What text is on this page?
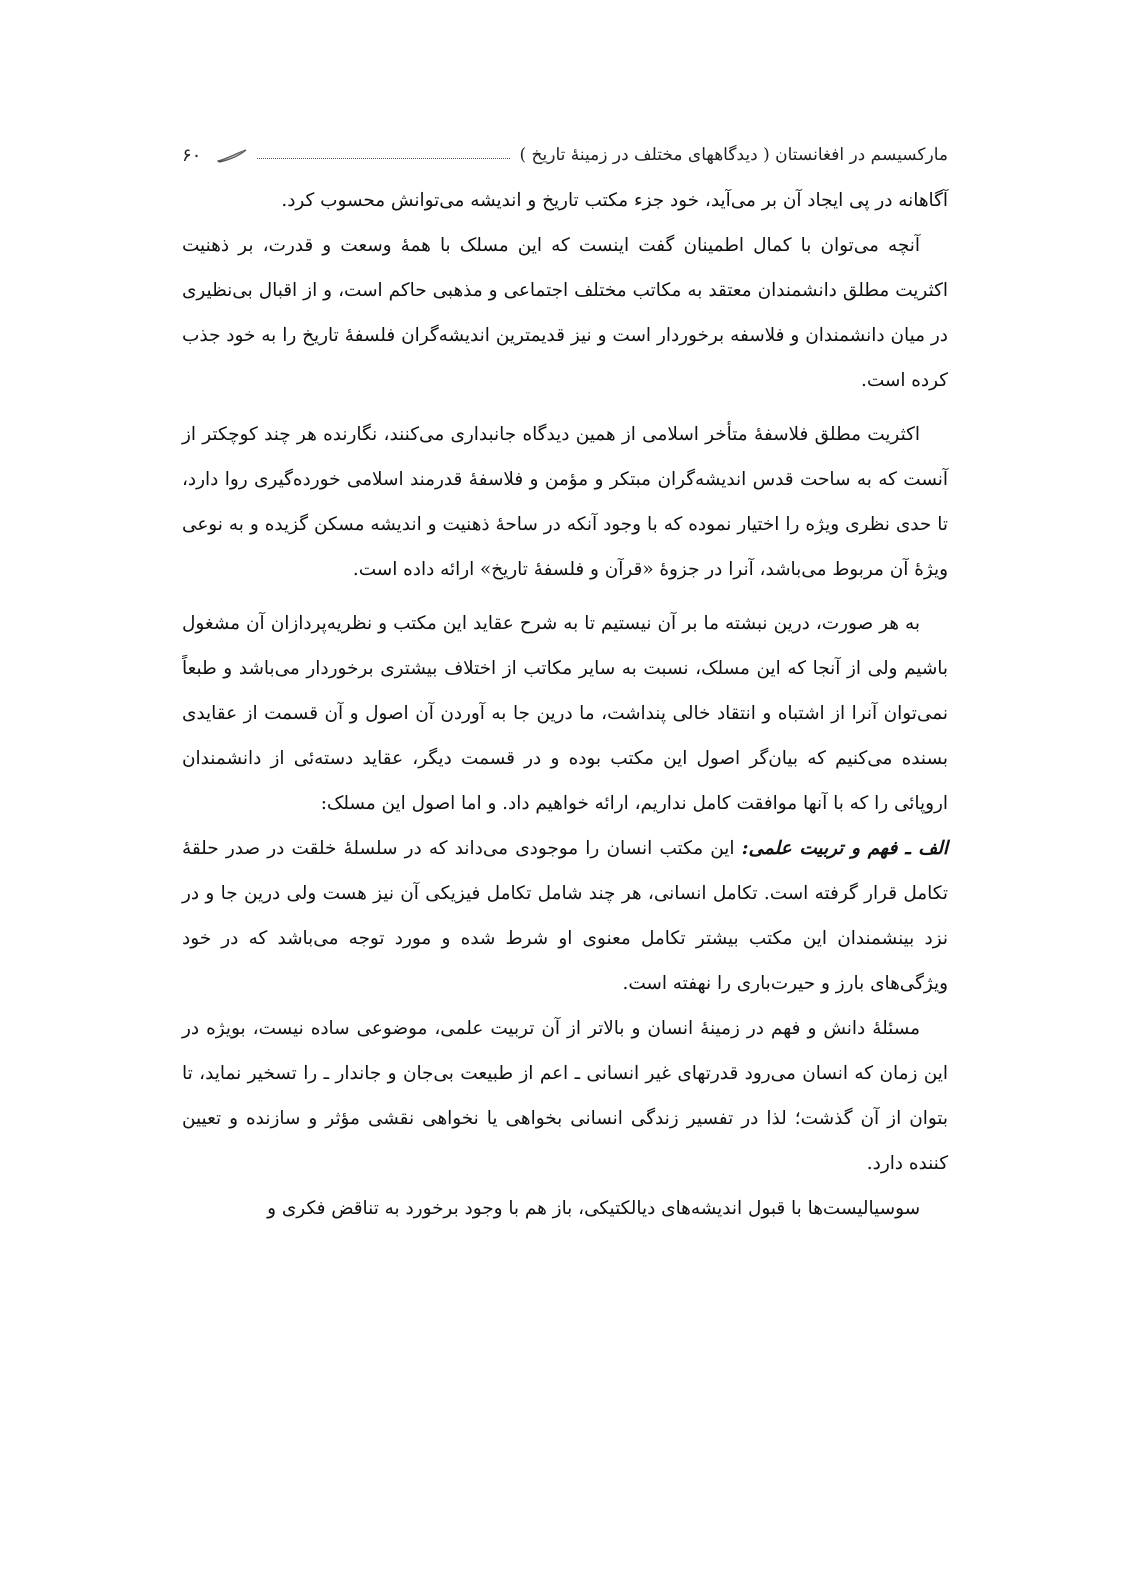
مارکسیسم در افغانستان ( دیدگاههای مختلف در زمینهٔ تاریخ )
۶۰

آگاهانه در پی ایجاد آن بر می‌آید، خود جزء مکتب تاریخ و اندیشه می‌توانش محسوب کرد.

آنچه می‌توان با کمال اطمینان گفت اینست که این مسلک با همهٔ وسعت و قدرت، بر ذهنیت اکثریت مطلق دانشمندان معتقد به مکاتب مختلف اجتماعی و مذهبی حاکم است، و از اقبال بی‌نظیری در میان دانشمندان و فلاسفه برخوردار است و نیز قدیمترین اندیشه‌گران فلسفهٔ تاریخ را به خود جذب کرده است.

اکثریت مطلق فلاسفهٔ متأخر اسلامی از همین دیدگاه جانبداری می‌کنند، نگارنده هر چند کوچکتر از آنست که به ساحت قدس اندیشه‌گران مبتکر و مؤمن و فلاسفهٔ قدرمند اسلامی خورده‌گیری روا دارد، تا حدی نظری ویژه را اختیار نموده که با وجود آنکه در ساحهٔ ذهنیت و اندیشه مسکن گزیده و به نوعی ویژهٔ آن مربوط می‌باشد، آنرا در جزوهٔ «قرآن و فلسفهٔ تاریخ» ارائه داده است.

به هر صورت، درین نبشته ما بر آن نیستیم تا به شرح عقاید این مکتب و نظریه‌پردازان آن مشغول باشیم ولی از آنجا که این مسلک، نسبت به سایر مکاتب از اختلاف بیشتری برخوردار می‌باشد و طبعاً نمی‌توان آنرا از اشتباه و انتقاد خالی پنداشت، ما درین جا به آوردن آن اصول و آن قسمت از عقایدی بسنده می‌کنیم که بیان‌گر اصول این مکتب بوده و در قسمت دیگر، عقاید دسته‌ئی از دانشمندان اروپائی را که با آنها موافقت کامل نداریم، ارائه خواهیم داد. و اما اصول این مسلک:

الف ـ فهم و تربیت علمی: این مکتب انسان را موجودی می‌داند که در سلسلهٔ خلقت در صدر حلقهٔ تکامل قرار گرفته است. تکامل انسانی، هر چند شامل تکامل فیزیکی آن نیز هست ولی درین جا و در نزد بینشمندان این مکتب بیشتر تکامل معنوی او شرط شده و مورد توجه می‌باشد که در خود ویژگی‌های بارز و حیرت‌باری را نهفته است.

مسئلهٔ دانش و فهم در زمینهٔ انسان و بالاتر از آن تربیت علمی، موضوعی ساده نیست، بویژه در این زمان که انسان می‌رود قدرتهای غیر انسانی ـ اعم از طبیعت بی‌جان و جاندار ـ را تسخیر نماید، تا بتوان از آن گذشت؛ لذا در تفسیر زندگی انسانی بخواهی یا نخواهی نقشی مؤثر و سازنده و تعیین کننده دارد.

سوسیالیست‌ها با قبول اندیشه‌های دیالکتیکی، باز هم با وجود برخورد به تناقض فکری و
